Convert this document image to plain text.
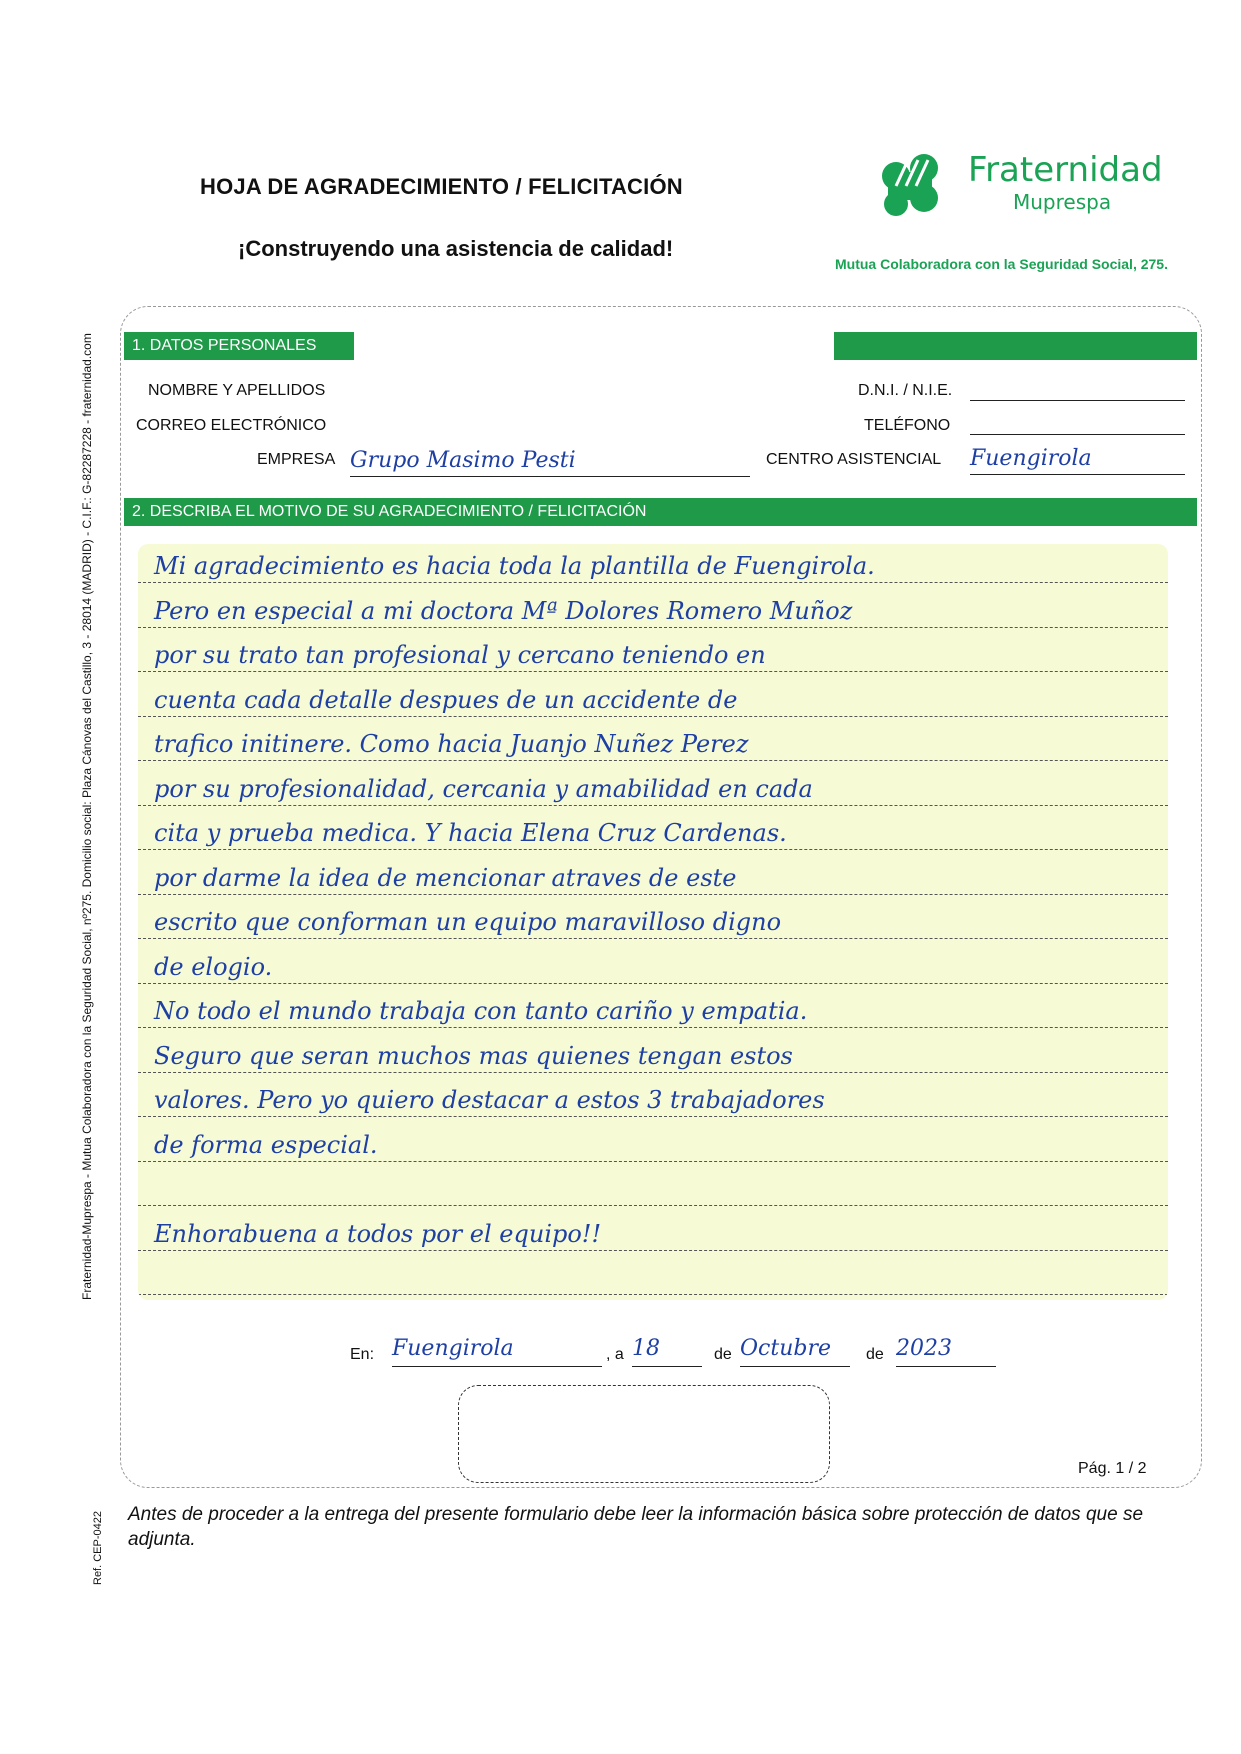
HOJA DE AGRADECIMIENTO / FELICITACIÓN
¡Construyendo una asistencia de calidad!
Fraternidad
Muprespa
Mutua Colaboradora con la Seguridad Social, 275.
1. DATOS PERSONALES
NOMBRE Y APELLIDOS	D.N.I. / N.I.E.
CORREO ELECTRÓNICO	TELÉFONO
EMPRESA Grupo Masimo Pesti	CENTRO ASISTENCIAL Fuengirola
2. DESCRIBA EL MOTIVO DE SU AGRADECIMIENTO / FELICITACIÓN
Mi agradecimiento es hacia toda la plantilla de Fuengirola.
Pero en especial a mi doctora Mª Dolores Romero Muñoz
por su trato tan profesional y cercano teniendo en
cuenta cada detalle despues de un accidente de
trafico initinere. Como hacia Juanjo Nuñez Perez
por su profesionalidad, cercania y amabilidad en cada
cita y prueba medica. Y hacia Elena Cruz Cardenas.
por darme la idea de mencionar atraves de este
escrito que conforman un equipo maravilloso digno
de elogio.
No todo el mundo trabaja con tanto cariño y empatia.
Seguro que seran muchos mas quienes tengan estos
valores. Pero yo quiero destacar a estos 3 trabajadores
de forma especial.

Enhorabuena a todos por el equipo!!
En: Fuengirola	, a 18	de Octubre	de 2023
Pág. 1 / 2
Antes de proceder a la entrega del presente formulario debe leer la información básica sobre protección de datos que se adjunta.
Fraternidad-Muprespa - Mutua Colaboradora con la Seguridad Social, nº275. Domicilio social: Plaza Cánovas del Castillo, 3 - 28014 (MADRID) - C.I.F.: G-82287228 - fraternidad.com
Ref. CEP-0422
